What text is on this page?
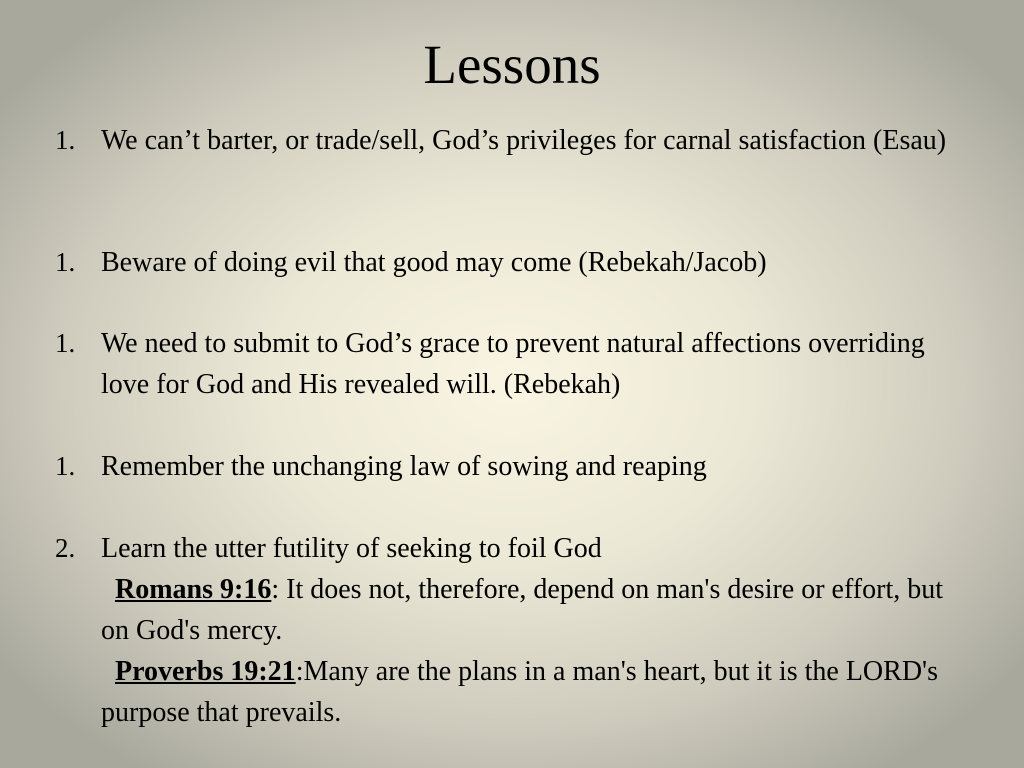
Lessons
1. We can’t barter, or trade/sell, God’s privileges for carnal satisfaction (Esau)
1. Beware of doing evil that good may come (Rebekah/Jacob)
1. We need to submit to God’s grace to prevent natural affections overriding love for God and His revealed will. (Rebekah)
1. Remember the unchanging law of sowing and reaping
2. Learn the utter futility of seeking to foil God
Romans 9:16: It does not, therefore, depend on man's desire or effort, but on God's mercy.
Proverbs 19:21:Many are the plans in a man's heart, but it is the LORD's purpose that prevails.
